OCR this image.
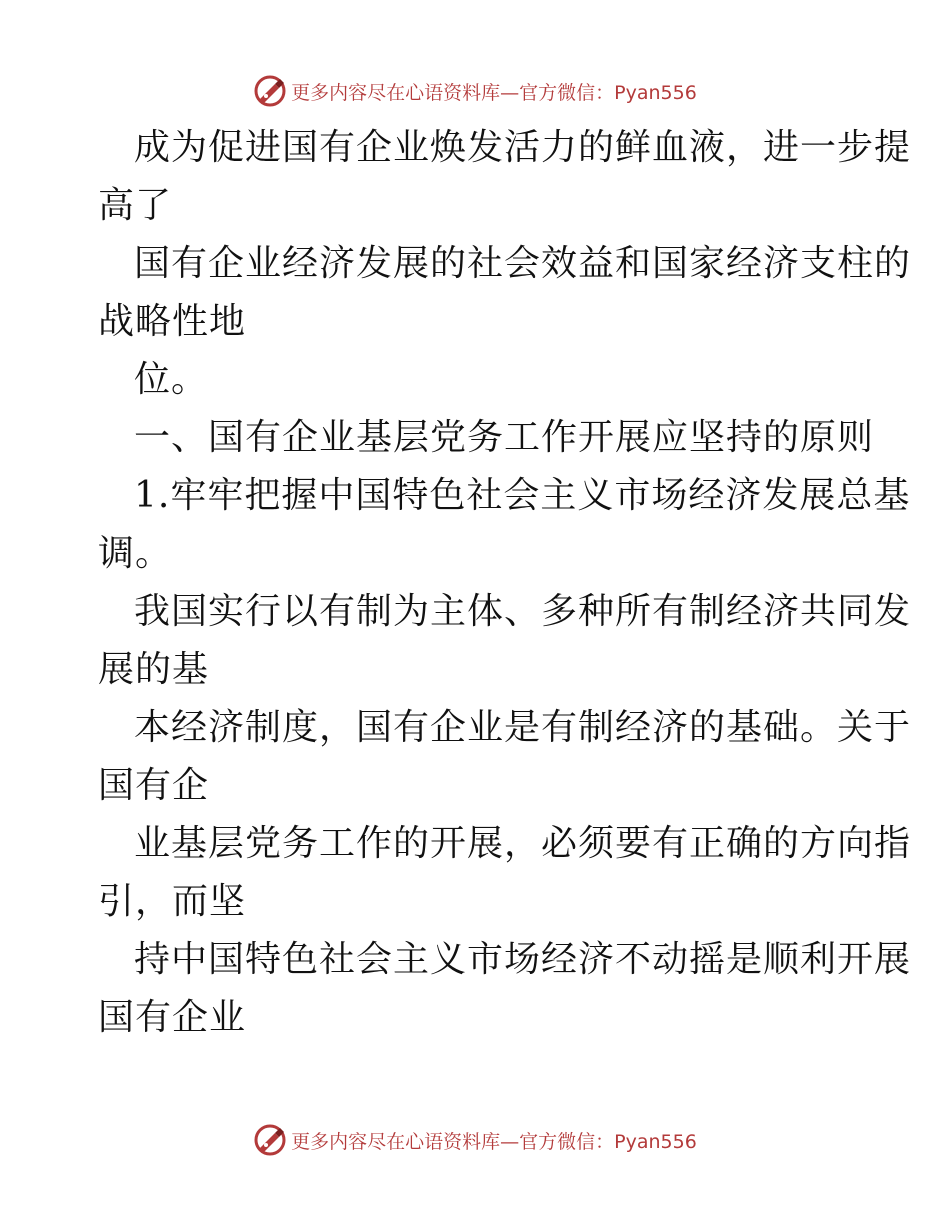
更多内容尽在心语资料库—官方微信：Pyan556
成为促进国有企业焕发活力的鲜血液，进一步提
高了
国有企业经济发展的社会效益和国家经济支柱的
战略性地
位。
一、国有企业基层党务工作开展应坚持的原则
1.牢牢把握中国特色社会主义市场经济发展总基
调。
我国实行以有制为主体、多种所有制经济共同发
展的基
本经济制度，国有企业是有制经济的基础。关于
国有企
业基层党务工作的开展，必须要有正确的方向指
引，而坚
持中国特色社会主义市场经济不动摇是顺利开展
国有企业
更多内容尽在心语资料库—官方微信：Pyan556
